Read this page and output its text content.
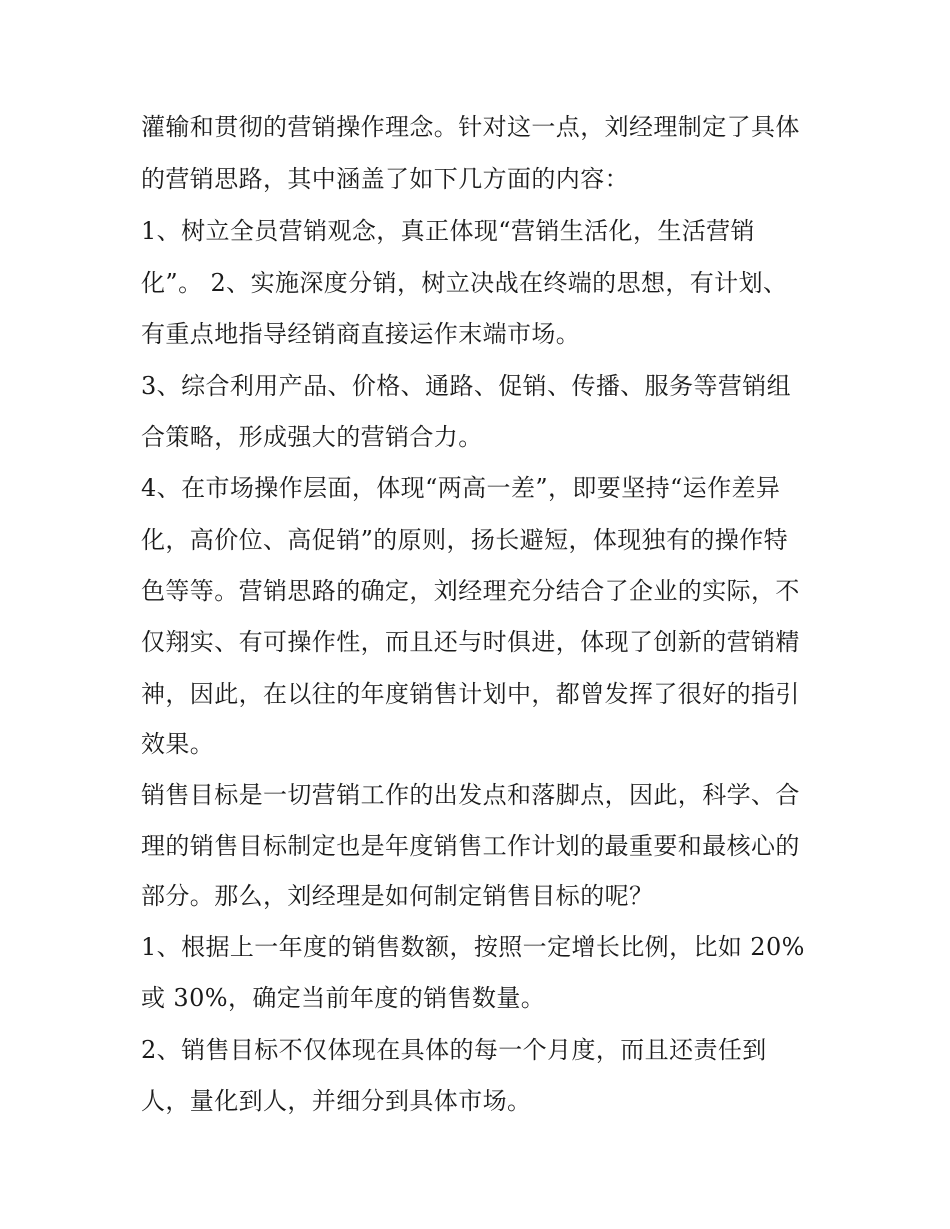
灌输和贯彻的营销操作理念。针对这一点，刘经理制定了具体
的营销思路，其中涵盖了如下几方面的内容：
1、树立全员营销观念，真正体现“营销生活化，生活营销
化”。 2、实施深度分销，树立决战在终端的思想，有计划、
有重点地指导经销商直接运作末端市场。
3、综合利用产品、价格、通路、促销、传播、服务等营销组
合策略，形成强大的营销合力。
4、在市场操作层面，体现“两高一差”，即要坚持“运作差异
化，高价位、高促销”的原则，扬长避短，体现独有的操作特
色等等。营销思路的确定，刘经理充分结合了企业的实际，不
仅翔实、有可操作性，而且还与时俱进，体现了创新的营销精
神，因此，在以往的年度销售计划中，都曾发挥了很好的指引
效果。
销售目标是一切营销工作的出发点和落脚点，因此，科学、合
理的销售目标制定也是年度销售工作计划的最重要和最核心的
部分。那么，刘经理是如何制定销售目标的呢？
1、根据上一年度的销售数额，按照一定增长比例，比如 20%
或 30%，确定当前年度的销售数量。
2、销售目标不仅体现在具体的每一个月度，而且还责任到
人，量化到人，并细分到具体市场。
